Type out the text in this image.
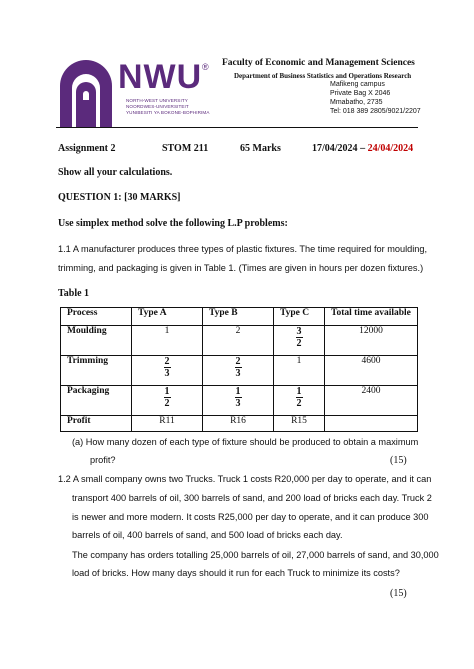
NWU ®
NORTH-WEST UNIVERSITY
NOORDWES-UNIVERSITEIT
YUNIBESITI YA BOKONE-BOPHIRIMA
Faculty of Economic and Management Sciences
Department of Business Statistics and Operations Research
Mafikeng campus
Private Bag X 2046
Mmabatho, 2735
Tel: 018 389 2805/9021/2207
Assignment 2	STOM 211	65 Marks	17/04/2024 – 24/04/2024
Show all your calculations.
QUESTION 1: [30 MARKS]
Use simplex method solve the following L.P problems:
1.1 A manufacturer produces three types of plastic fixtures. The time required for moulding,
trimming, and packaging is given in Table 1. (Times are given in hours per dozen fixtures.)
Table 1
Process	Type A	Type B	Type C	Total time available
Moulding	1	2	$\frac{3}{2}$	12000
Trimming	$\frac{2}{3}$	$\frac{2}{3}$	1	4600
Packaging	$\frac{1}{2}$	$\frac{1}{3}$	$\frac{1}{2}$	2400
Profit	R11	R16	R15	
(a) How many dozen of each type of fixture should be produced to obtain a maximum
profit?	(15)
1.2 A small company owns two Trucks. Truck 1 costs R20,000 per day to operate, and it can
transport 400 barrels of oil, 300 barrels of sand, and 200 load of bricks each day. Truck 2
is newer and more modern. It costs R25,000 per day to operate, and it can produce 300
barrels of oil, 400 barrels of sand, and 500 load of bricks each day.
The company has orders totalling 25,000 barrels of oil, 27,000 barrels of sand, and 30,000
load of bricks. How many days should it run for each Truck to minimize its costs?
(15)
